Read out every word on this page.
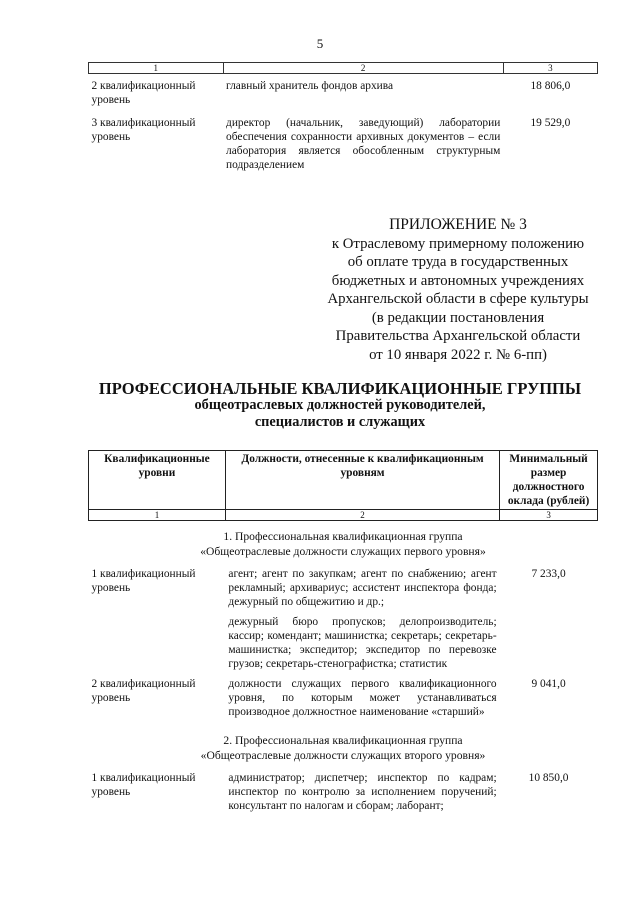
5
1	2	3
2 квалификационный уровень	главный хранитель фондов архива	18 806,0
3 квалификационный уровень	директор (начальник, заведующий) лаборатории обеспечения сохранности архивных документов – если лаборатория является обособленным структурным подразделением	19 529,0
ПРИЛОЖЕНИЕ № 3
к Отраслевому примерному положению
об оплате труда в государственных
бюджетных и автономных учреждениях
Архангельской области в сфере культуры
(в редакции постановления
Правительства Архангельской области
от 10 января 2022 г. № 6-пп)
ПРОФЕССИОНАЛЬНЫЕ КВАЛИФИКАЦИОННЫЕ ГРУППЫ
общеотраслевых должностей руководителей,
специалистов и служащих
Квалификационные уровни	Должности, отнесенные к квалификационным уровням	Минимальный размер должностного оклада (рублей)
1	2	3

1. Профессиональная квалификационная группа
«Общеотраслевые должности служащих первого уровня»		

1 квалификационный уровень	агент; агент по закупкам; агент по снабжению; агент рекламный; архивариус; ассистент инспектора фонда; дежурный по общежитию и др.;	7 233,0
	дежурный бюро пропусков; делопроизводитель; кассир; комендант; машинистка; секретарь; секретарь-машинистка; экспедитор; экспедитор по перевозке грузов; секретарь-стенографистка; статистик	
2 квалификационный уровень	должности служащих первого квалификационного уровня, по которым может устанавливаться производное должностное наименование «старший»	9 041,0

2. Профессиональная квалификационная группа
«Общеотраслевые должности служащих второго уровня»		

1 квалификационный уровень	администратор; диспетчер; инспектор по кадрам; инспектор по контролю за исполнением поручений; консультант по налогам и сборам; лаборант;	10 850,0
